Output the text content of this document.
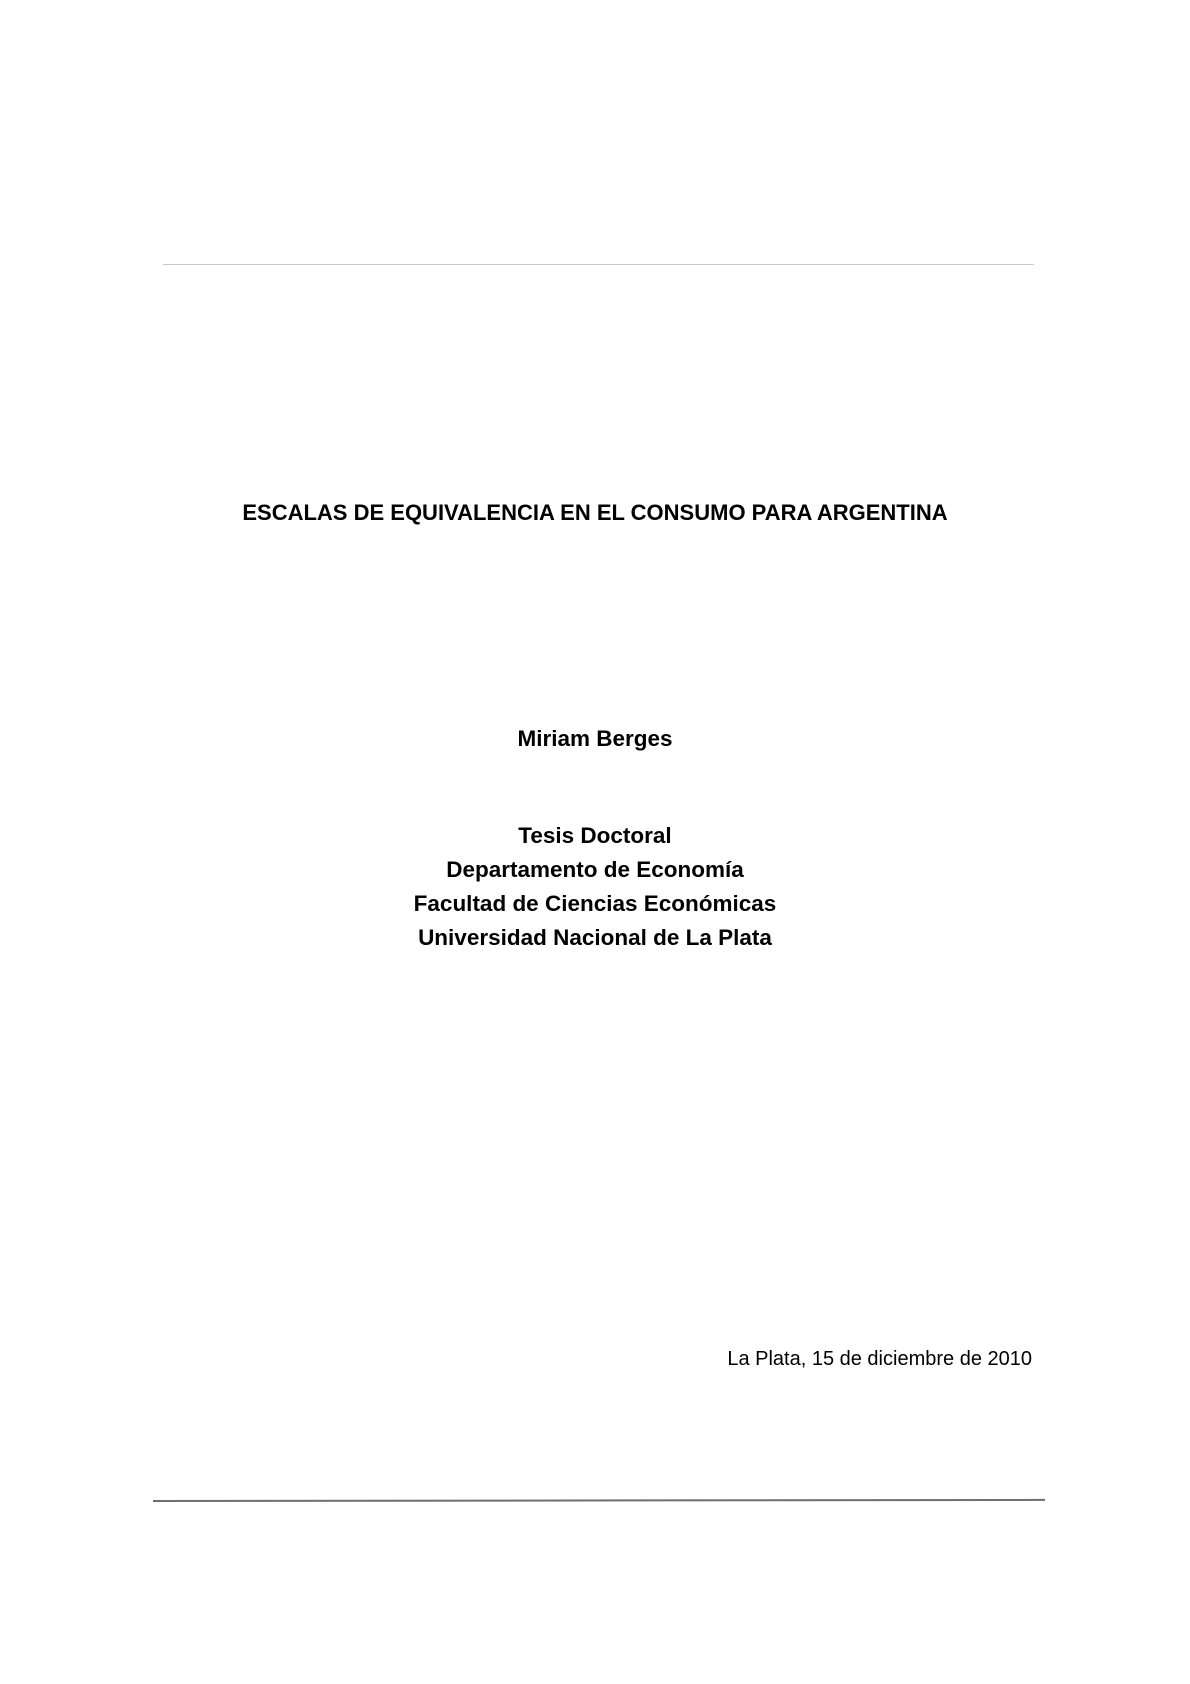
ESCALAS DE EQUIVALENCIA EN EL CONSUMO PARA ARGENTINA

Miriam Berges

Tesis Doctoral
Departamento de Economía
Facultad de Ciencias Económicas
Universidad Nacional de La Plata

La Plata, 15 de diciembre de 2010
